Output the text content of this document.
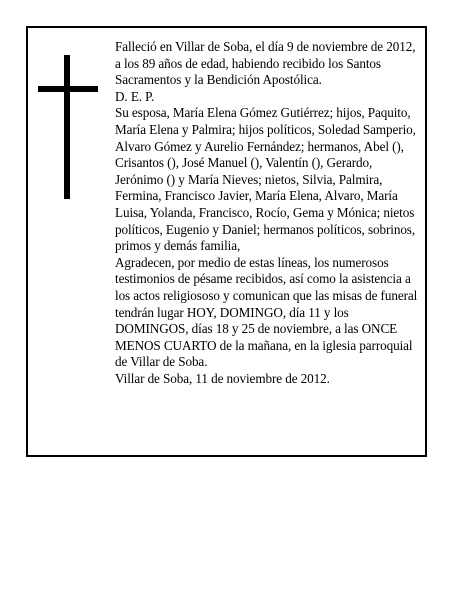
Falleció en Villar de Soba, el día 9 de noviembre de 2012, a los 89 años de edad, habiendo recibido los Santos Sacramentos y la Bendición Apostólica.

D. E. P.

Su esposa, María Elena Gómez Gutiérrez; hijos, Paquito, María Elena y Palmira; hijos políticos, Soledad Samperio, Alvaro Gómez y Aurelio Fernández; hermanos, Abel (), Crisantos (), José Manuel (), Valentín (), Gerardo, Jerónimo () y María Nieves; nietos, Silvia, Palmira, Fermina, Francisco Javier, María Elena, Alvaro, María Luisa, Yolanda, Francisco, Rocío, Gema y Mónica; nietos políticos, Eugenio y Daniel; hermanos políticos, sobrinos, primos y demás familia,

Agradecen, por medio de estas líneas, los numerosos testimonios de pésame recibidos, así como la asistencia a los actos religiososo y comunican que las misas de funeral tendrán lugar HOY, DOMINGO, día 11 y los DOMINGOS, días 18 y 25 de noviembre, a las ONCE MENOS CUARTO de la mañana, en la iglesia parroquial de Villar de Soba.

Villar de Soba, 11 de noviembre de 2012.
